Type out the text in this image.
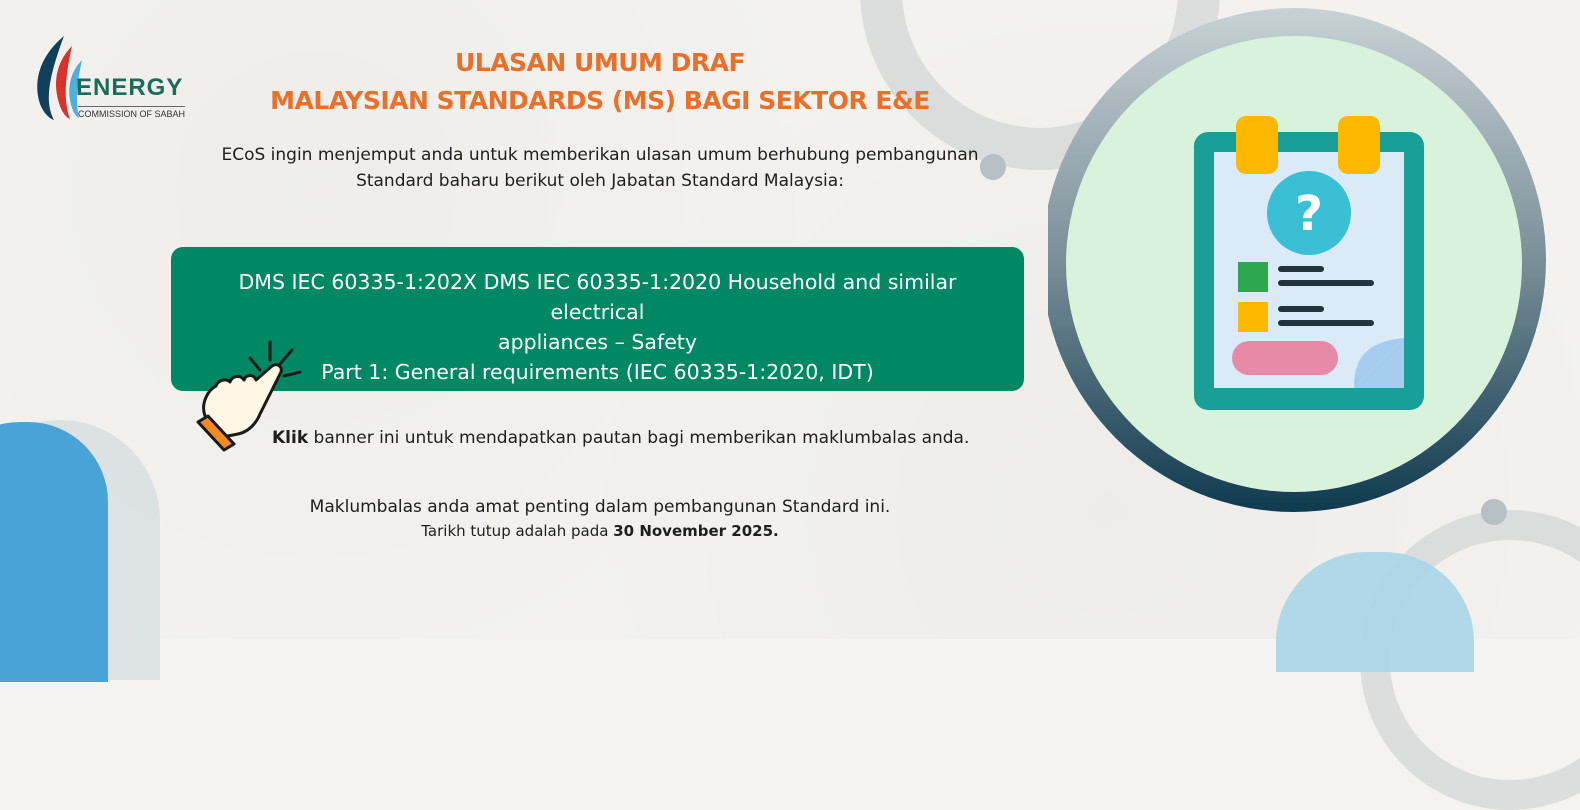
ENERGY
COMMISSION OF SABAH
ULASAN UMUM DRAF
MALAYSIAN STANDARDS (MS) BAGI SEKTOR E&E
ECoS ingin menjemput anda untuk memberikan ulasan umum berhubung pembangunan
Standard baharu berikut oleh Jabatan Standard Malaysia:
DMS IEC 60335-1:202X DMS IEC 60335-1:2020 Household and similar electrical
appliances – Safety
Part 1: General requirements (IEC 60335-1:2020, IDT)
Klik banner ini untuk mendapatkan pautan bagi memberikan maklumbalas anda.
Maklumbalas anda amat penting dalam pembangunan Standard ini.
Tarikh tutup adalah pada 30 November 2025.
?
